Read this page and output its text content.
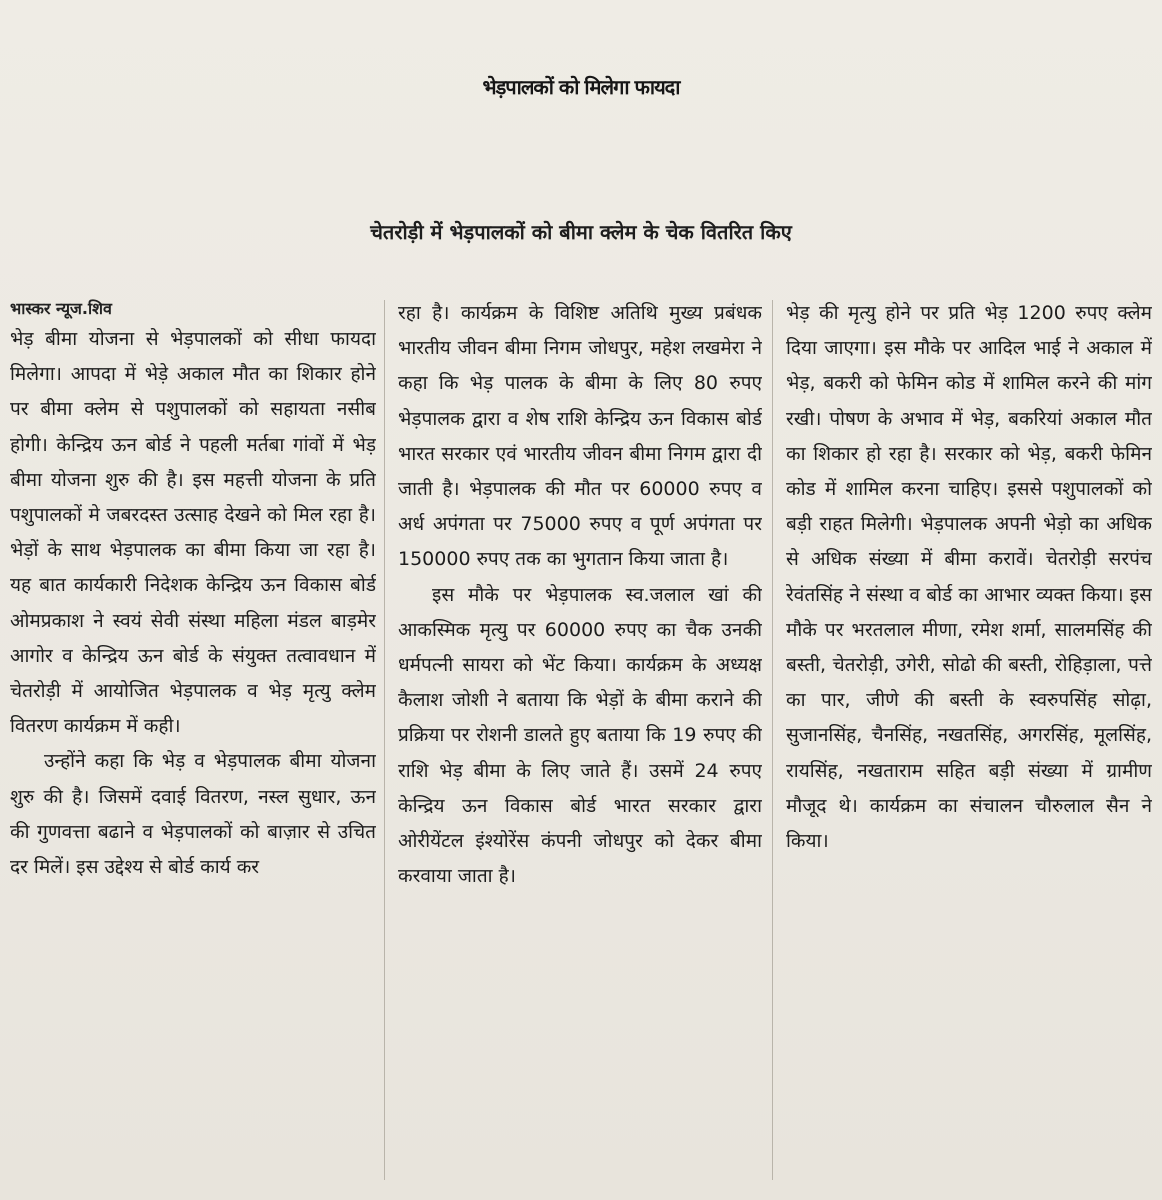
भेड़पालकों को मिलेगा फायदा
चेतरोड़ी में भेड़पालकों को बीमा क्लेम के चेक वितरित किए

भास्कर न्यूज.शिव

भेड़ बीमा योजना से भेड़पालकों को सीधा फायदा मिलेगा। आपदा में भेड़े अकाल मौत का शिकार होने पर बीमा क्लेम से पशुपालकों को सहायता नसीब होगी। केन्द्रिय ऊन बोर्ड ने पहली मर्तबा गांवों में भेड़ बीमा योजना शुरु की है। इस महत्ती योजना के प्रति पशुपालकों मे जबरदस्त उत्साह देखने को मिल रहा है। भेड़ों के साथ भेड़पालक का बीमा किया जा रहा है। यह बात कार्यकारी निदेशक केन्द्रिय ऊन विकास बोर्ड ओमप्रकाश ने स्वयं सेवी संस्था महिला मंडल बाड़मेर आगोर व केन्द्रिय ऊन बोर्ड के संयुक्त तत्वावधान में चेतरोड़ी में आयोजित भेड़पालक व भेड़ मृत्यु क्लेम वितरण कार्यक्रम में कही।

उन्होंने कहा कि भेड़ व भेड़पालक बीमा योजना शुरु की है। जिसमें दवाई वितरण, नस्ल सुधार, ऊन की गुणवत्ता बढाने व भेड़पालकों को बाज़ार से उचित दर मिलें। इस उद्देश्य से बोर्ड कार्य कर

रहा है। कार्यक्रम के विशिष्ट अतिथि मुख्य प्रबंधक भारतीय जीवन बीमा निगम जोधपुर, महेश लखमेरा ने कहा कि भेड़ पालक के बीमा के लिए 80 रुपए भेड़पालक द्वारा व शेष राशि केन्द्रिय ऊन विकास बोर्ड भारत सरकार एवं भारतीय जीवन बीमा निगम द्वारा दी जाती है। भेड़पालक की मौत पर 60000 रुपए व अर्ध अपंगता पर 75000 रुपए व पूर्ण अपंगता पर 150000 रुपए तक का भुगतान किया जाता है।

इस मौके पर भेड़पालक स्व.जलाल खां की आकस्मिक मृत्यु पर 60000 रुपए का चैक उनकी धर्मपत्नी सायरा को भेंट किया। कार्यक्रम के अध्यक्ष कैलाश जोशी ने बताया कि भेड़ों के बीमा कराने की प्रक्रिया पर रोशनी डालते हुए बताया कि 19 रुपए की राशि भेड़ बीमा के लिए जाते हैं। उसमें 24 रुपए केन्द्रिय ऊन विकास बोर्ड भारत सरकार द्वारा ओरीयेंटल इंश्योरेंस कंपनी जोधपुर को देकर बीमा करवाया जाता है।

भेड़ की मृत्यु होने पर प्रति भेड़ 1200 रुपए क्लेम दिया जाएगा। इस मौके पर आदिल भाई ने अकाल में भेड़, बकरी को फेमिन कोड में शामिल करने की मांग रखी। पोषण के अभाव में भेड़, बकरियां अकाल मौत का शिकार हो रहा है। सरकार को भेड़, बकरी फेमिन कोड में शामिल करना चाहिए। इससे पशुपालकों को बड़ी राहत मिलेगी। भेड़पालक अपनी भेड़ो का अधिक से अधिक संख्या में बीमा करावें। चेतरोड़ी सरपंच रेवंतसिंह ने संस्था व बोर्ड का आभार व्यक्त किया। इस मौके पर भरतलाल मीणा, रमेश शर्मा, सालमसिंह की बस्ती, चेतरोड़ी, उगेरी, सोढो की बस्ती, रोहिड़ाला, पत्ते का पार, जीणे की बस्ती के स्वरुपसिंह सोढ़ा, सुजानसिंह, चैनसिंह, नखतसिंह, अगरसिंह, मूलसिंह, रायसिंह, नखताराम सहित बड़ी संख्या में ग्रामीण मौजूद थे। कार्यक्रम का संचालन चौरुलाल सैन ने किया।
